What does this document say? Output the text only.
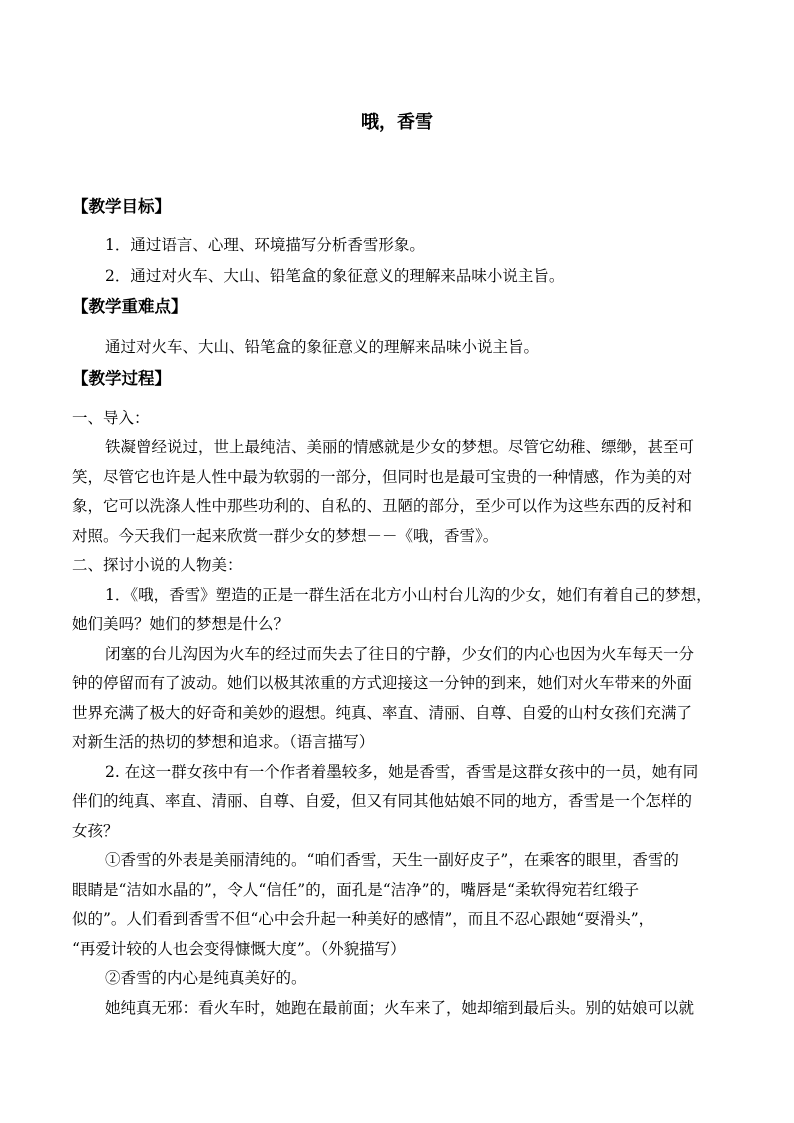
哦，香雪
【教学目标】
1．通过语言、心理、环境描写分析香雪形象。
2．通过对火车、大山、铅笔盒的象征意义的理解来品味小说主旨。
【教学重难点】
通过对火车、大山、铅笔盒的象征意义的理解来品味小说主旨。
【教学过程】
一、导入：
铁凝曾经说过，世上最纯洁、美丽的情感就是少女的梦想。尽管它幼稚、缥缈，甚至可
笑，尽管它也许是人性中最为软弱的一部分，但同时也是最可宝贵的一种情感，作为美的对
象，它可以洗涤人性中那些功利的、自私的、丑陋的部分，至少可以作为这些东西的反衬和
对照。今天我们一起来欣赏一群少女的梦想－－《哦，香雪》。
二、探讨小说的人物美：
1．《哦，香雪》塑造的正是一群生活在北方小山村台儿沟的少女，她们有着自己的梦想，
她们美吗？她们的梦想是什么？
闭塞的台儿沟因为火车的经过而失去了往日的宁静，少女们的内心也因为火车每天一分
钟的停留而有了波动。她们以极其浓重的方式迎接这一分钟的到来，她们对火车带来的外面
世界充满了极大的好奇和美妙的遐想。纯真、率直、清丽、自尊、自爱的山村女孩们充满了
对新生活的热切的梦想和追求。（语言描写）
2. 在这一群女孩中有一个作者着墨较多，她是香雪，香雪是这群女孩中的一员，她有同
伴们的纯真、率直、清丽、自尊、自爱，但又有同其他姑娘不同的地方，香雪是一个怎样的
女孩？
①香雪的外表是美丽清纯的。“咱们香雪，天生一副好皮子”，在乘客的眼里，香雪的
眼睛是“洁如水晶的”，令人“信任”的，面孔是“洁净”的，嘴唇是“柔软得宛若红缎子
似的”。人们看到香雪不但“心中会升起一种美好的感情”，而且不忍心跟她“耍滑头”，
“再爱计较的人也会变得慷慨大度”。（外貌描写）
②香雪的内心是纯真美好的。
她纯真无邪：看火车时，她跑在最前面；火车来了，她却缩到最后头。别的姑娘可以就
